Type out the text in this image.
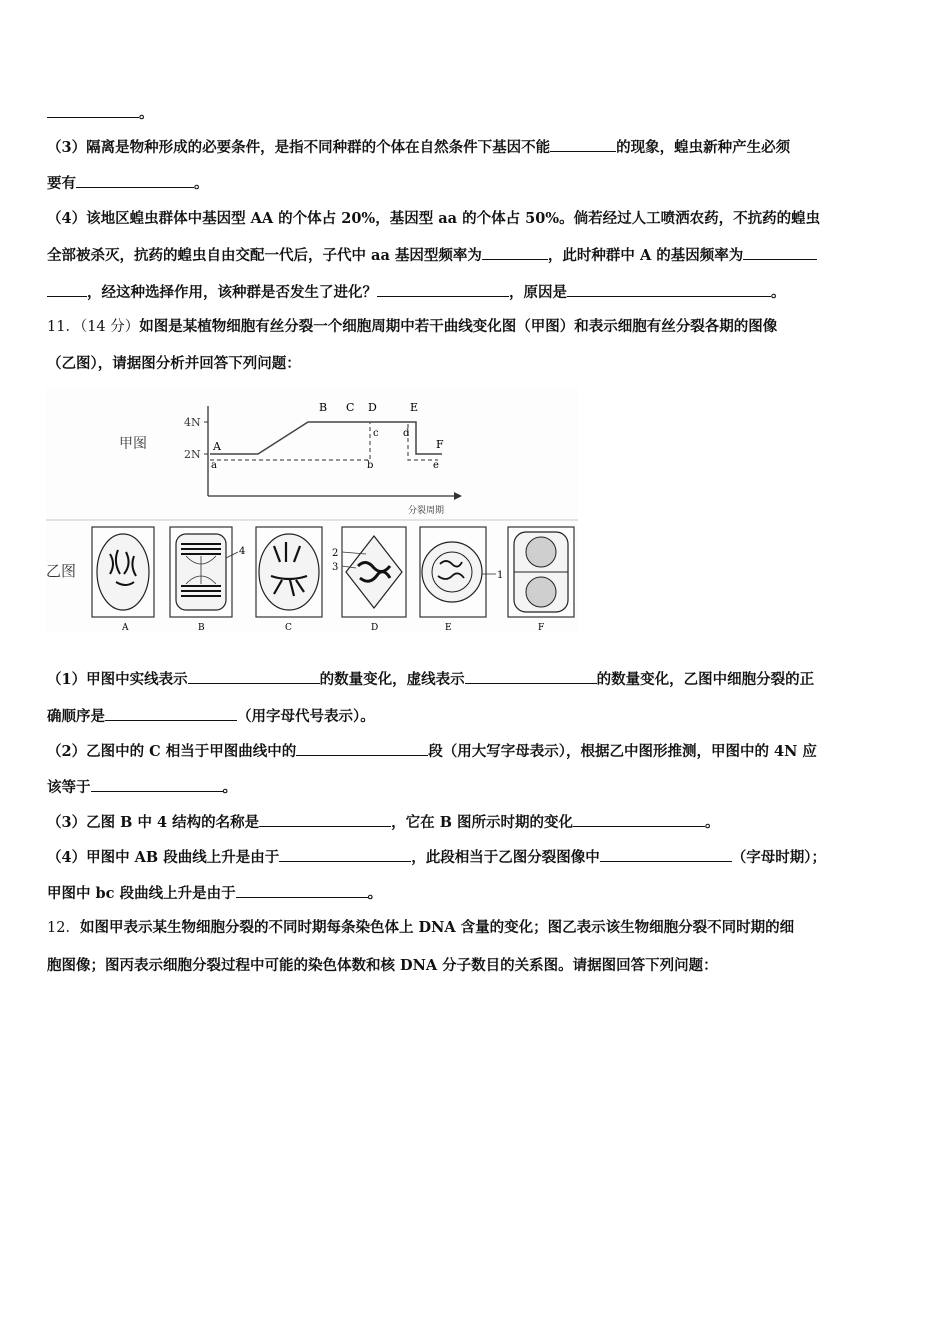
。
（3）隔离是物种形成的必要条件，是指不同种群的个体在自然条件下基因不能	的现象，蝗虫新种产生必须
要有	。
（4）该地区蝗虫群体中基因型 AA 的个体占 20%，基因型 aa 的个体占 50%。倘若经过人工喷洒农药，不抗药的蝗虫
全部被杀灭，抗药的蝗虫自由交配一代后，子代中 aa 基因型频率为	，此时种群中 A 的基因频率为
，经这种选择作用，该种群是否发生了进化？	，原因是	。
11．（14 分）如图是某植物细胞有丝分裂一个细胞周期中若干曲线变化图（甲图）和表示细胞有丝分裂各期的图像
（乙图），请据图分析并回答下列问题：
甲图
4N
2N
A
B C D	E
F
a	b
c d
e
分裂周期
乙图
4	2
3
1
A	B	C	D	E	F
（1）甲图中实线表示	的数量变化，虚线表示	的数量变化，乙图中细胞分裂的正
确顺序是	（用字母代号表示）。
（2）乙图中的 C 相当于甲图曲线中的	段（用大写字母表示），根据乙中图形推测，甲图中的 4N 应
该等于	。
（3）乙图 B 中 4 结构的名称是	，它在 B 图所示时期的变化	。
（4）甲图中 AB 段曲线上升是由于	，此段相当于乙图分裂图像中	（字母时期）；
甲图中 bc 段曲线上升是由于	。
12．如图甲表示某生物细胞分裂的不同时期每条染色体上 DNA 含量的变化；图乙表示该生物细胞分裂不同时期的细
胞图像；图丙表示细胞分裂过程中可能的染色体数和核 DNA 分子数目的关系图。请据图回答下列问题：
